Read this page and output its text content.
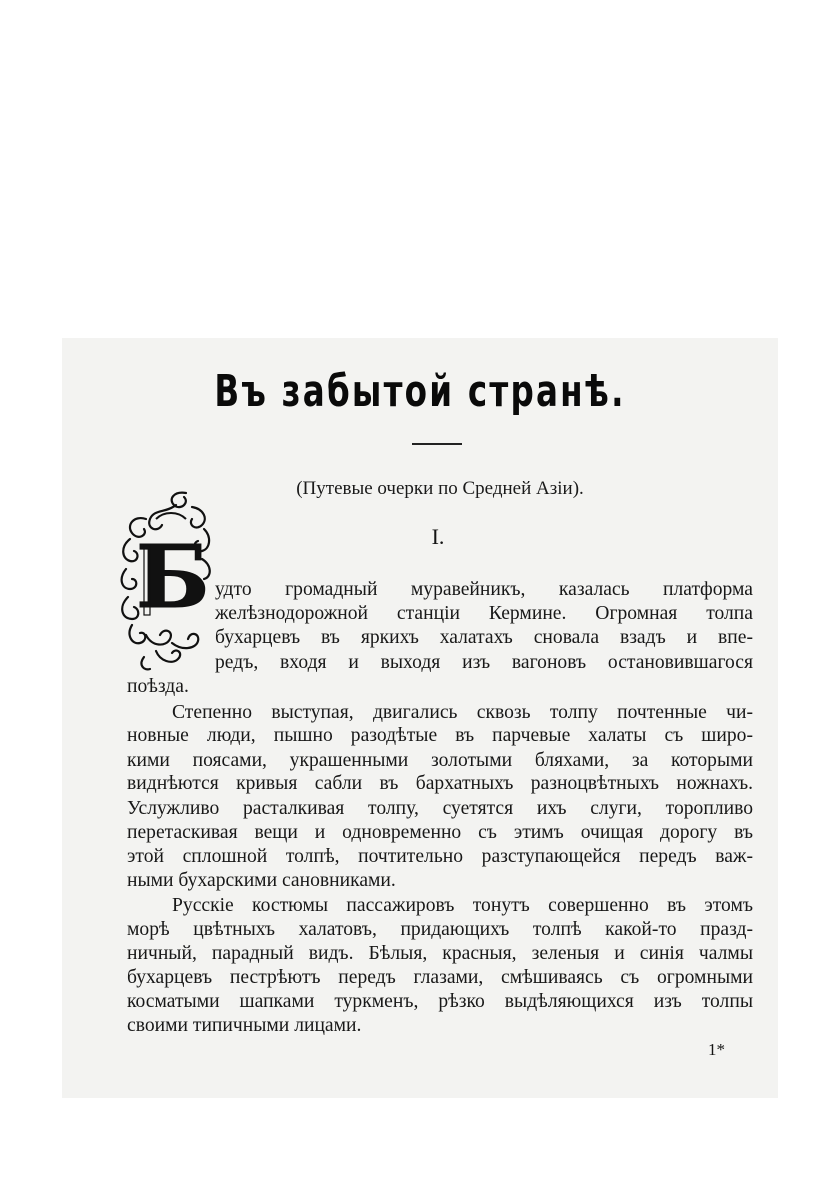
Въ забытой странѣ.
(Путевые очерки по Средней Азіи).
I.
Б удто громадный муравейникъ, казалась платформа
желѣзнодорожной станціи Кермине. Огромная толпа
бухарцевъ въ яркихъ халатахъ сновала взадъ и впе-
редъ, входя и выходя изъ вагоновъ остановившагося
поѣзда.
Степенно выступая, двигались сквозь толпу почтенные чи-
новные люди, пышно разодѣтые въ парчевые халаты съ широ-
кими поясами, украшенными золотыми бляхами, за которыми
виднѣются кривыя сабли въ бархатныхъ разноцвѣтныхъ ножнахъ.
Услужливо расталкивая толпу, суетятся ихъ слуги, торопливо
перетаскивая вещи и одновременно съ этимъ очищая дорогу въ
этой сплошной толпѣ, почтительно разступающейся передъ важ-
ными бухарскими сановниками.
Русскіе костюмы пассажировъ тонутъ совершенно въ этомъ
морѣ цвѣтныхъ халатовъ, придающихъ толпѣ какой-то празд-
ничный, парадный видъ. Бѣлыя, красныя, зеленыя и синія чалмы
бухарцевъ пестрѣютъ передъ глазами, смѣшиваясь съ огромными
косматыми шапками туркменъ, рѣзко выдѣляющихся изъ толпы
своими типичными лицами.
1*
